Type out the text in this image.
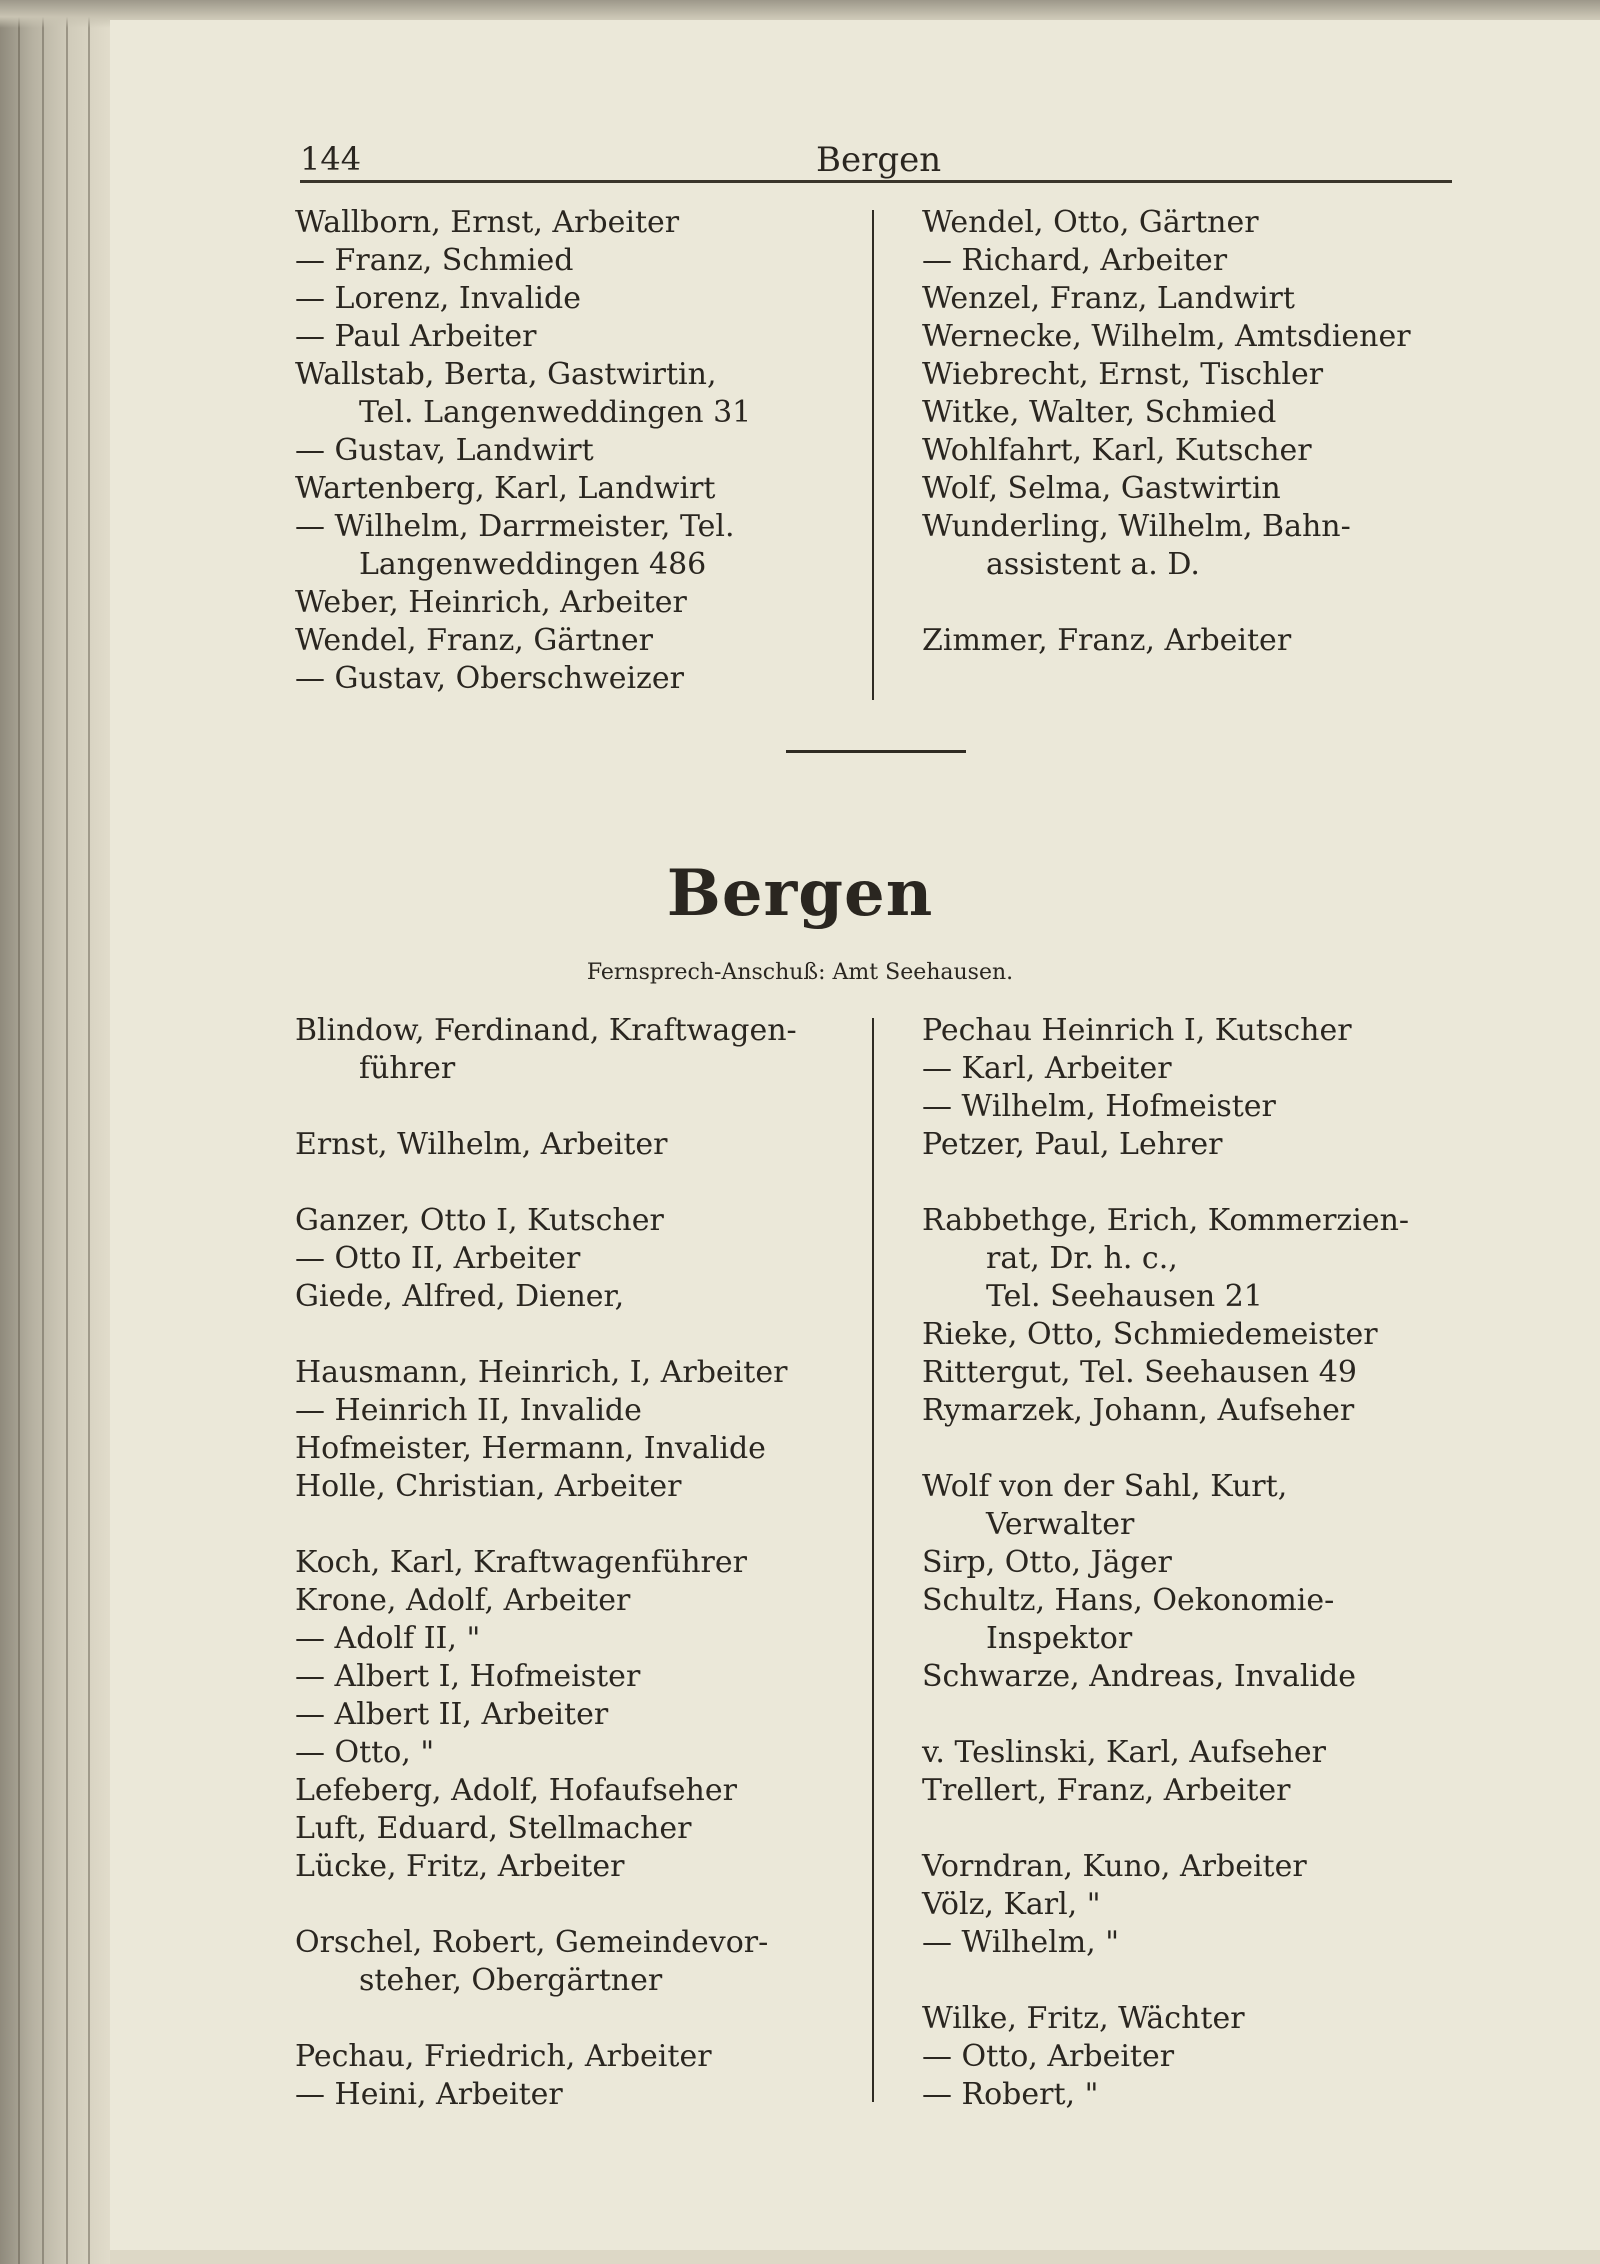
144	Bergen
Wallborn, Ernst, Arbeiter
— Franz, Schmied
— Lorenz, Invalide
— Paul Arbeiter
Wallstab, Berta, Gastwirtin,
Tel. Langenweddingen 31
— Gustav, Landwirt
Wartenberg, Karl, Landwirt
— Wilhelm, Darrmeister, Tel.
Langenweddingen 486
Weber, Heinrich, Arbeiter
Wendel, Franz, Gärtner
— Gustav, Oberschweizer
Wendel, Otto, Gärtner
— Richard, Arbeiter
Wenzel, Franz, Landwirt
Wernecke, Wilhelm, Amtsdiener
Wiebrecht, Ernst, Tischler
Witke, Walter, Schmied
Wohlfahrt, Karl, Kutscher
Wolf, Selma, Gastwirtin
Wunderling, Wilhelm, Bahn-
assistent a. D.
Zimmer, Franz, Arbeiter
Bergen
Fernsprech-Anschuß: Amt Seehausen.
Blindow, Ferdinand, Kraftwagen-
führer
Ernst, Wilhelm, Arbeiter
Ganzer, Otto I, Kutscher
— Otto II, Arbeiter
Giede, Alfred, Diener,
Hausmann, Heinrich, I, Arbeiter
— Heinrich II, Invalide
Hofmeister, Hermann, Invalide
Holle, Christian, Arbeiter
Koch, Karl, Kraftwagenführer
Krone, Adolf, Arbeiter
— Adolf II, "
— Albert I, Hofmeister
— Albert II, Arbeiter
— Otto, "
Lefeberg, Adolf, Hofaufseher
Luft, Eduard, Stellmacher
Lücke, Fritz, Arbeiter
Orschel, Robert, Gemeindevor-
steher, Obergärtner
Pechau, Friedrich, Arbeiter
— Heini, Arbeiter
Pechau Heinrich I, Kutscher
— Karl, Arbeiter
— Wilhelm, Hofmeister
Petzer, Paul, Lehrer
Rabbethge, Erich, Kommerzien-
rat, Dr. h. c.,
Tel. Seehausen 21
Rieke, Otto, Schmiedemeister
Rittergut, Tel. Seehausen 49
Rymarzek, Johann, Aufseher
Wolf von der Sahl, Kurt,
Verwalter
Sirp, Otto, Jäger
Schultz, Hans, Oekonomie-
Inspektor
Schwarze, Andreas, Invalide
v. Teslinski, Karl, Aufseher
Trellert, Franz, Arbeiter
Vorndran, Kuno, Arbeiter
Völz, Karl, "
— Wilhelm, "
Wilke, Fritz, Wächter
— Otto, Arbeiter
— Robert, "
